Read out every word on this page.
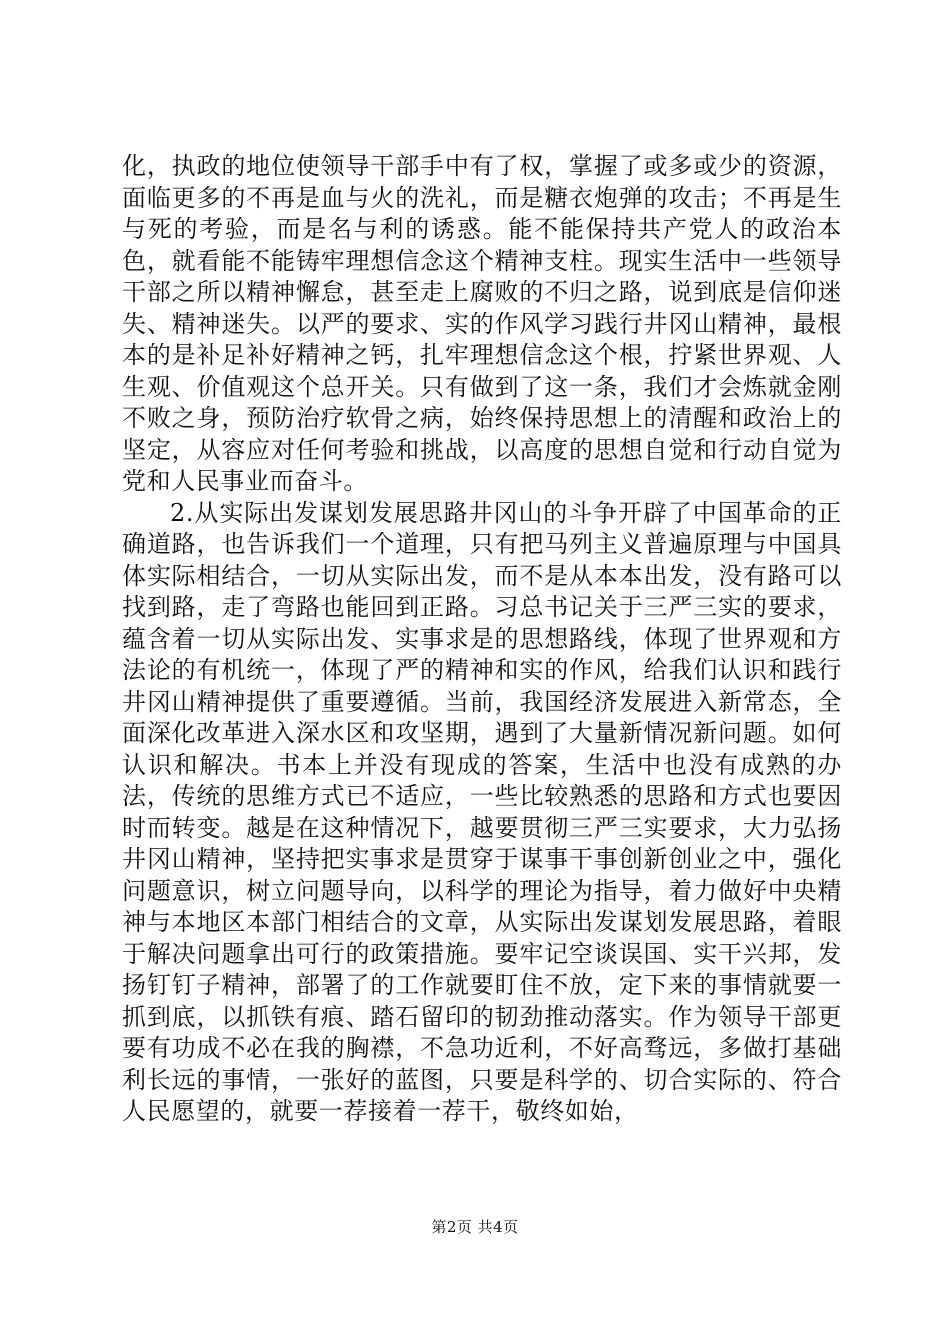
化，执政的地位使领导干部手中有了权，掌握了或多或少的资源，面临更多的不再是血与火的洗礼，而是糖衣炮弹的攻击；不再是生与死的考验，而是名与利的诱惑。能不能保持共产党人的政治本色，就看能不能铸牢理想信念这个精神支柱。现实生活中一些领导干部之所以精神懈怠，甚至走上腐败的不归之路，说到底是信仰迷失、精神迷失。以严的要求、实的作风学习践行井冈山精神，最根本的是补足补好精神之钙，扎牢理想信念这个根，拧紧世界观、人生观、价值观这个总开关。只有做到了这一条，我们才会炼就金刚不败之身，预防治疗软骨之病，始终保持思想上的清醒和政治上的坚定，从容应对任何考验和挑战，以高度的思想自觉和行动自觉为党和人民事业而奋斗。

2.从实际出发谋划发展思路井冈山的斗争开辟了中国革命的正确道路，也告诉我们一个道理，只有把马列主义普遍原理与中国具体实际相结合，一切从实际出发，而不是从本本出发，没有路可以找到路，走了弯路也能回到正路。习总书记关于三严三实的要求，蕴含着一切从实际出发、实事求是的思想路线，体现了世界观和方法论的有机统一，体现了严的精神和实的作风，给我们认识和践行井冈山精神提供了重要遵循。当前，我国经济发展进入新常态，全面深化改革进入深水区和攻坚期，遇到了大量新情况新问题。如何认识和解决。书本上并没有现成的答案，生活中也没有成熟的办法，传统的思维方式已不适应，一些比较熟悉的思路和方式也要因时而转变。越是在这种情况下，越要贯彻三严三实要求，大力弘扬井冈山精神，坚持把实事求是贯穿于谋事干事创新创业之中，强化问题意识，树立问题导向，以科学的理论为指导，着力做好中央精神与本地区本部门相结合的文章，从实际出发谋划发展思路，着眼于解决问题拿出可行的政策措施。要牢记空谈误国、实干兴邦，发扬钉钉子精神，部署了的工作就要盯住不放，定下来的事情就要一抓到底，以抓铁有痕、踏石留印的韧劲推动落实。作为领导干部更要有功成不必在我的胸襟，不急功近利，不好高骛远，多做打基础利长远的事情，一张好的蓝图，只要是科学的、切合实际的、符合人民愿望的，就要一荐接着一荐干，敬终如始，

第2页 共4页
